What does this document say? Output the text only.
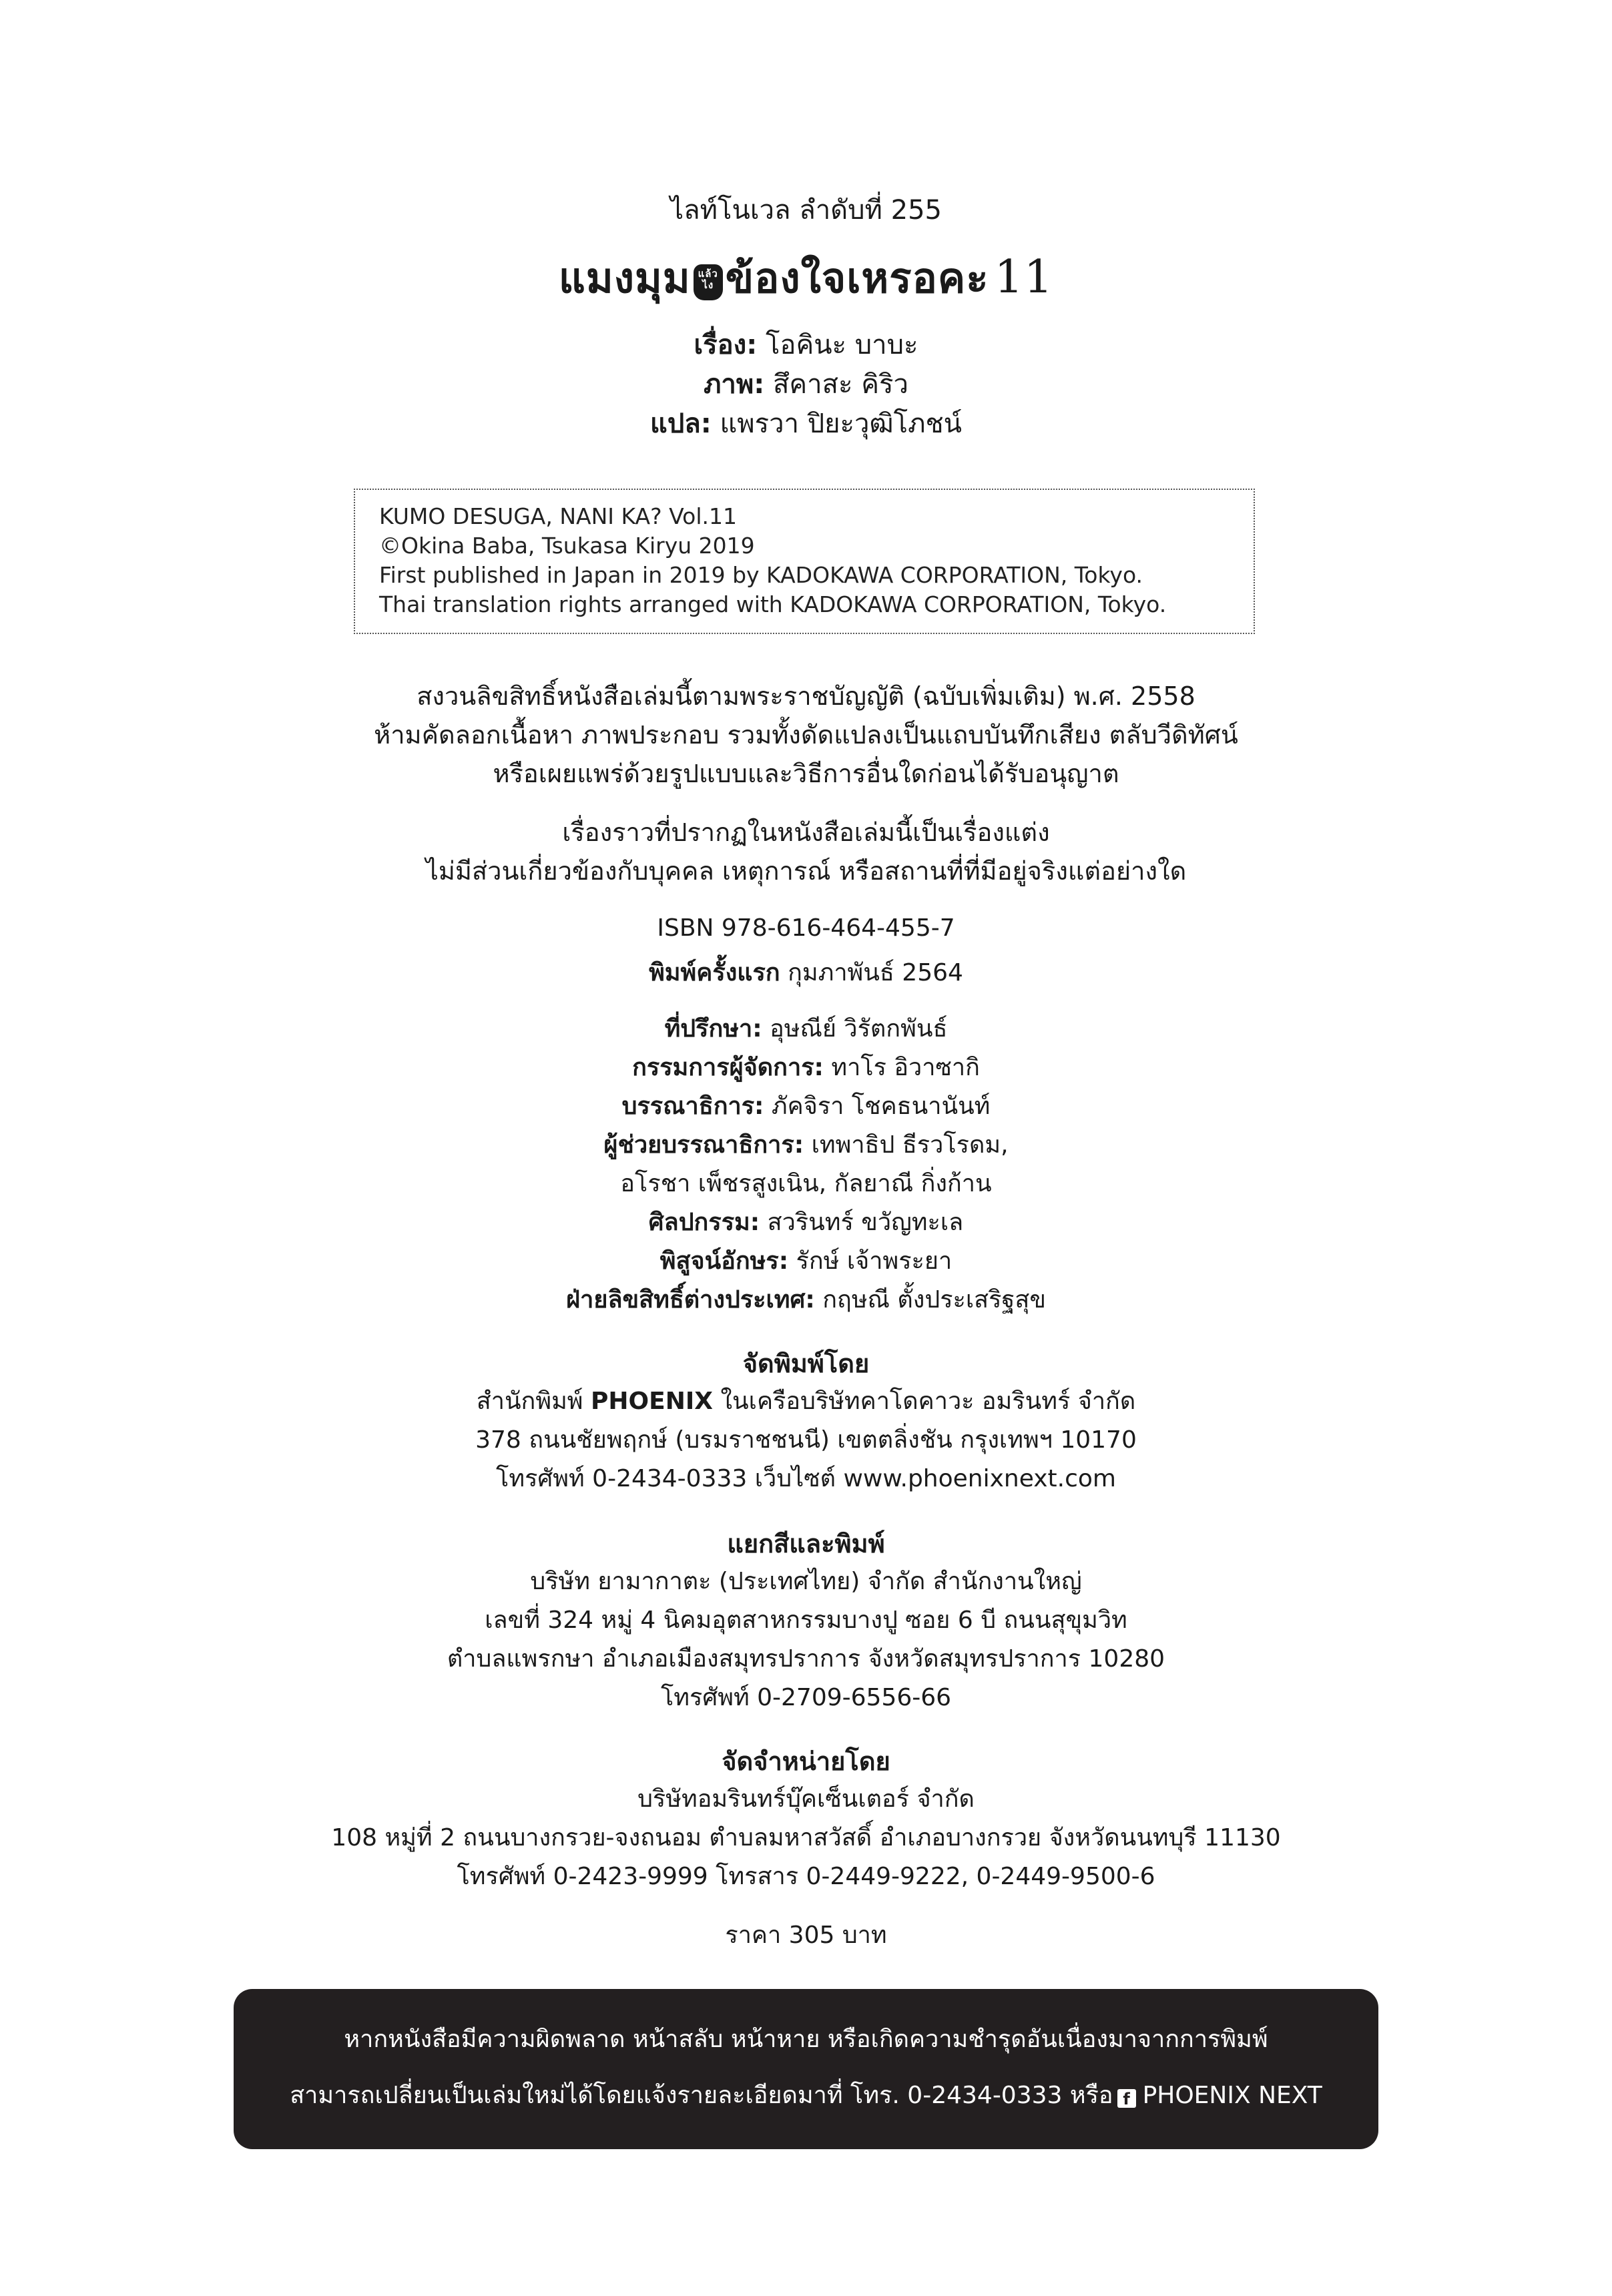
ไลท์โนเวล ลำดับที่ 255
แมงมุม แล้ว
ไง ข้องใจเหรอคะ 11
เรื่อง: โอคินะ บาบะ
ภาพ: สึคาสะ คิริว
แปล: แพรวา ปิยะวุฒิโภชน์
KUMO DESUGA, NANI KA? Vol.11
©Okina Baba, Tsukasa Kiryu 2019
First published in Japan in 2019 by KADOKAWA CORPORATION, Tokyo.
Thai translation rights arranged with KADOKAWA CORPORATION, Tokyo.
สงวนลิขสิทธิ์หนังสือเล่มนี้ตามพระราชบัญญัติ (ฉบับเพิ่มเติม) พ.ศ. 2558
ห้ามคัดลอกเนื้อหา ภาพประกอบ รวมทั้งดัดแปลงเป็นแถบบันทึกเสียง ตลับวีดิทัศน์
หรือเผยแพร่ด้วยรูปแบบและวิธีการอื่นใดก่อนได้รับอนุญาต
เรื่องราวที่ปรากฏในหนังสือเล่มนี้เป็นเรื่องแต่ง
ไม่มีส่วนเกี่ยวข้องกับบุคคล เหตุการณ์ หรือสถานที่ที่มีอยู่จริงแต่อย่างใด
ISBN 978-616-464-455-7
พิมพ์ครั้งแรก กุมภาพันธ์ 2564
ที่ปรึกษา: อุษณีย์ วิรัตกพันธ์
กรรมการผู้จัดการ: ทาโร อิวาซากิ
บรรณาธิการ: ภัคจิรา โชคธนานันท์
ผู้ช่วยบรรณาธิการ: เทพาธิป ธีรวโรดม,
อโรชา เพ็ชรสูงเนิน, กัลยาณี กิ่งก้าน
ศิลปกรรม: สวรินทร์ ขวัญทะเล
พิสูจน์อักษร: รักษ์ เจ้าพระยา
ฝ่ายลิขสิทธิ์ต่างประเทศ: กฤษณี ตั้งประเสริฐสุข
จัดพิมพ์โดย
สำนักพิมพ์ PHOENIX ในเครือบริษัทคาโดคาวะ อมรินทร์ จำกัด
378 ถนนชัยพฤกษ์ (บรมราชชนนี) เขตตลิ่งชัน กรุงเทพฯ 10170
โทรศัพท์ 0-2434-0333 เว็บไซต์ www.phoenixnext.com
แยกสีและพิมพ์
บริษัท ยามากาตะ (ประเทศไทย) จำกัด สำนักงานใหญ่
เลขที่ 324 หมู่ 4 นิคมอุตสาหกรรมบางปู ซอย 6 บี ถนนสุขุมวิท
ตำบลแพรกษา อำเภอเมืองสมุทรปราการ จังหวัดสมุทรปราการ 10280
โทรศัพท์ 0-2709-6556-66
จัดจำหน่ายโดย
บริษัทอมรินทร์บุ๊คเซ็นเตอร์ จำกัด
108 หมู่ที่ 2 ถนนบางกรวย-จงถนอม ตำบลมหาสวัสดิ์ อำเภอบางกรวย จังหวัดนนทบุรี 11130
โทรศัพท์ 0-2423-9999 โทรสาร 0-2449-9222, 0-2449-9500-6
ราคา 305 บาท
หากหนังสือมีความผิดพลาด หน้าสลับ หน้าหาย หรือเกิดความชำรุดอันเนื่องมาจากการพิมพ์
สามารถเปลี่ยนเป็นเล่มใหม่ได้โดยแจ้งรายละเอียดมาที่ โทร. 0-2434-0333 หรือ f PHOENIX NEXT
